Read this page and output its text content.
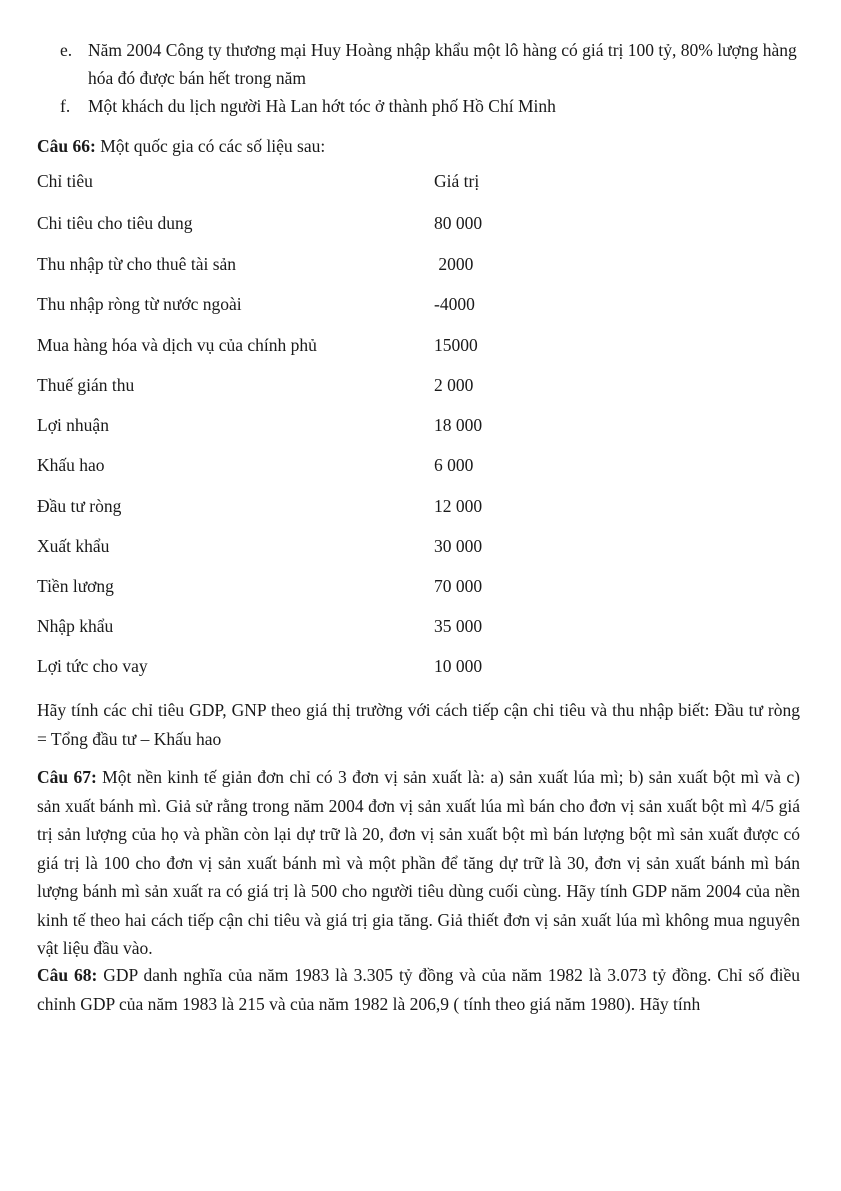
e. Năm 2004 Công ty thương mại Huy Hoàng nhập khẩu một lô hàng có giá trị 100 tỷ, 80% lượng hàng hóa đó được bán hết trong năm
f. Một khách du lịch người Hà Lan hớt tóc ở thành phố Hồ Chí Minh
Câu 66: Một quốc gia có các số liệu sau:
Chỉ tiêu	Giá trị
Chi tiêu cho tiêu dung	80 000
Thu nhập từ cho thuê tài sản	2000
Thu nhập ròng từ nước ngoài	-4000
Mua hàng hóa và dịch vụ của chính phủ	15000
Thuế gián thu	2 000
Lợi nhuận	18 000
Khấu hao	6 000
Đầu tư ròng	12 000
Xuất khẩu	30 000
Tiền lương	70 000
Nhập khẩu	35 000
Lợi tức cho vay	10 000
Hãy tính các chỉ tiêu GDP, GNP theo giá thị trường với cách tiếp cận chi tiêu và thu nhập biết: Đầu tư ròng = Tổng đầu tư – Khấu hao
Câu 67: Một nền kinh tế giản đơn chỉ có 3 đơn vị sản xuất là: a) sản xuất lúa mì; b) sản xuất bột mì và c) sản xuất bánh mì. Giả sử rằng trong năm 2004 đơn vị sản xuất lúa mì bán cho đơn vị sản xuất bột mì 4/5 giá trị sản lượng của họ và phần còn lại dự trữ là 20, đơn vị sản xuất bột mì bán lượng bột mì sản xuất được có giá trị là 100 cho đơn vị sản xuất bánh mì và một phần để tăng dự trữ là 30, đơn vị sản xuất bánh mì bán lượng bánh mì sản xuất ra có giá trị là 500 cho người tiêu dùng cuối cùng. Hãy tính GDP năm 2004 của nền kinh tế theo hai cách tiếp cận chi tiêu và giá trị gia tăng. Giả thiết đơn vị sản xuất lúa mì không mua nguyên vật liệu đầu vào.
Câu 68: GDP danh nghĩa của năm 1983 là 3.305 tỷ đồng và của năm 1982 là 3.073 tỷ đồng. Chỉ số điều chỉnh GDP của năm 1983 là 215 và của năm 1982 là 206,9 ( tính theo giá năm 1980). Hãy tính
